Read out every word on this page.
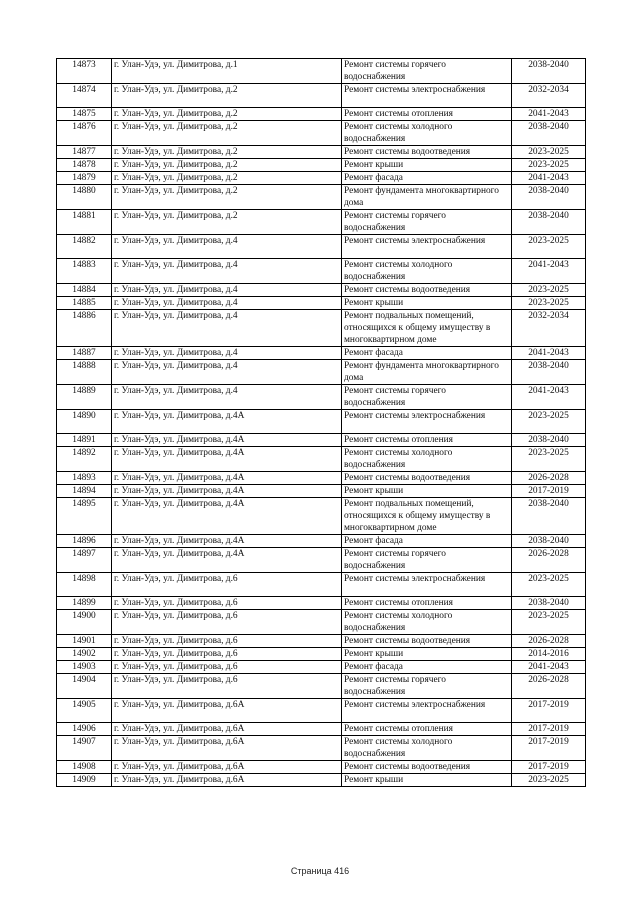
14873	г. Улан-Удэ, ул. Димитрова, д.1	Ремонт системы горячего водоснабжения	2038-2040
14874	г. Улан-Удэ, ул. Димитрова, д.2	Ремонт системы электроснабжения	2032-2034
14875	г. Улан-Удэ, ул. Димитрова, д.2	Ремонт системы отопления	2041-2043
14876	г. Улан-Удэ, ул. Димитрова, д.2	Ремонт системы холодного водоснабжения	2038-2040
14877	г. Улан-Удэ, ул. Димитрова, д.2	Ремонт системы водоотведения	2023-2025
14878	г. Улан-Удэ, ул. Димитрова, д.2	Ремонт крыши	2023-2025
14879	г. Улан-Удэ, ул. Димитрова, д.2	Ремонт фасада	2041-2043
14880	г. Улан-Удэ, ул. Димитрова, д.2	Ремонт фундамента многоквартирного дома	2038-2040
14881	г. Улан-Удэ, ул. Димитрова, д.2	Ремонт системы горячего водоснабжения	2038-2040
14882	г. Улан-Удэ, ул. Димитрова, д.4	Ремонт системы электроснабжения	2023-2025
14883	г. Улан-Удэ, ул. Димитрова, д.4	Ремонт системы холодного водоснабжения	2041-2043
14884	г. Улан-Удэ, ул. Димитрова, д.4	Ремонт системы водоотведения	2023-2025
14885	г. Улан-Удэ, ул. Димитрова, д.4	Ремонт крыши	2023-2025
14886	г. Улан-Удэ, ул. Димитрова, д.4	Ремонт подвальных помещений, относящихся к общему имуществу в многоквартирном доме	2032-2034
14887	г. Улан-Удэ, ул. Димитрова, д.4	Ремонт фасада	2041-2043
14888	г. Улан-Удэ, ул. Димитрова, д.4	Ремонт фундамента многоквартирного дома	2038-2040
14889	г. Улан-Удэ, ул. Димитрова, д.4	Ремонт системы горячего водоснабжения	2041-2043
14890	г. Улан-Удэ, ул. Димитрова, д.4А	Ремонт системы электроснабжения	2023-2025
14891	г. Улан-Удэ, ул. Димитрова, д.4А	Ремонт системы отопления	2038-2040
14892	г. Улан-Удэ, ул. Димитрова, д.4А	Ремонт системы холодного водоснабжения	2023-2025
14893	г. Улан-Удэ, ул. Димитрова, д.4А	Ремонт системы водоотведения	2026-2028
14894	г. Улан-Удэ, ул. Димитрова, д.4А	Ремонт крыши	2017-2019
14895	г. Улан-Удэ, ул. Димитрова, д.4А	Ремонт подвальных помещений, относящихся к общему имуществу в многоквартирном доме	2038-2040
14896	г. Улан-Удэ, ул. Димитрова, д.4А	Ремонт фасада	2038-2040
14897	г. Улан-Удэ, ул. Димитрова, д.4А	Ремонт системы горячего водоснабжения	2026-2028
14898	г. Улан-Удэ, ул. Димитрова, д.6	Ремонт системы электроснабжения	2023-2025
14899	г. Улан-Удэ, ул. Димитрова, д.6	Ремонт системы отопления	2038-2040
14900	г. Улан-Удэ, ул. Димитрова, д.6	Ремонт системы холодного водоснабжения	2023-2025
14901	г. Улан-Удэ, ул. Димитрова, д.6	Ремонт системы водоотведения	2026-2028
14902	г. Улан-Удэ, ул. Димитрова, д.6	Ремонт крыши	2014-2016
14903	г. Улан-Удэ, ул. Димитрова, д.6	Ремонт фасада	2041-2043
14904	г. Улан-Удэ, ул. Димитрова, д.6	Ремонт системы горячего водоснабжения	2026-2028
14905	г. Улан-Удэ, ул. Димитрова, д.6А	Ремонт системы электроснабжения	2017-2019
14906	г. Улан-Удэ, ул. Димитрова, д.6А	Ремонт системы отопления	2017-2019
14907	г. Улан-Удэ, ул. Димитрова, д.6А	Ремонт системы холодного водоснабжения	2017-2019
14908	г. Улан-Удэ, ул. Димитрова, д.6А	Ремонт системы водоотведения	2017-2019
14909	г. Улан-Удэ, ул. Димитрова, д.6А	Ремонт крыши	2023-2025
Страница 416
